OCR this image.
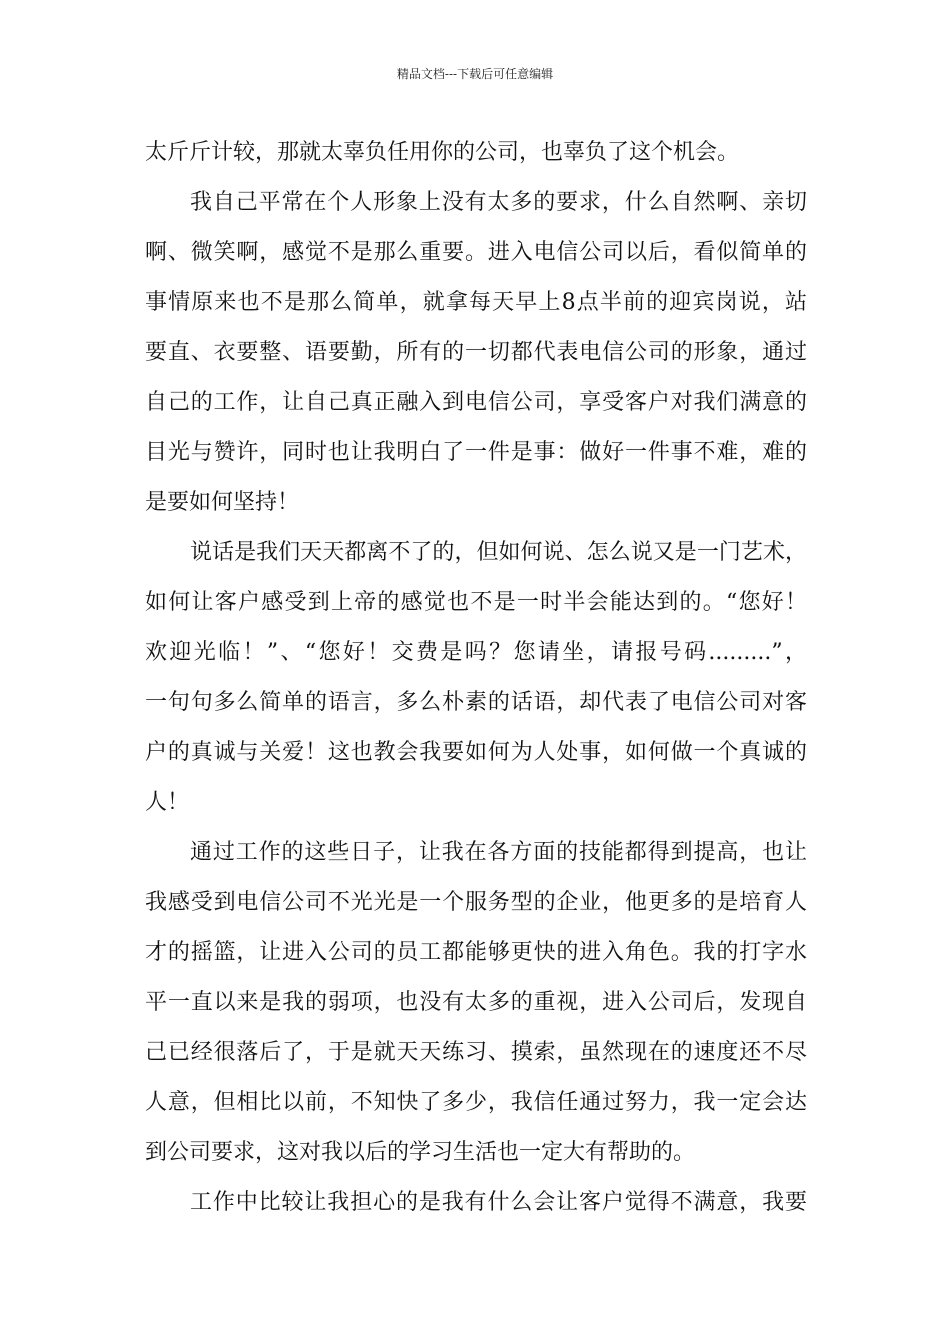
精品文档---下载后可任意编辑
太斤斤计较，那就太辜负任用你的公司，也辜负了这个机会。
我自己平常在个人形象上没有太多的要求，什么自然啊、亲切
啊、微笑啊，感觉不是那么重要。进入电信公司以后，看似简单的
事情原来也不是那么简单，就拿每天早上8点半前的迎宾岗说，站
要直、衣要整、语要勤，所有的一切都代表电信公司的形象，通过
自己的工作，让自己真正融入到电信公司，享受客户对我们满意的
目光与赞许，同时也让我明白了一件是事：做好一件事不难，难的
是要如何坚持！
说话是我们天天都离不了的，但如何说、怎么说又是一门艺术，
如何让客户感受到上帝的感觉也不是一时半会能达到的。“您好！
欢迎光临！”、“您好！交费是吗？您请坐，请报号码.........”，
一句句多么简单的语言，多么朴素的话语，却代表了电信公司对客
户的真诚与关爱！这也教会我要如何为人处事，如何做一个真诚的
人！
通过工作的这些日子，让我在各方面的技能都得到提高，也让
我感受到电信公司不光光是一个服务型的企业，他更多的是培育人
才的摇篮，让进入公司的员工都能够更快的进入角色。我的打字水
平一直以来是我的弱项，也没有太多的重视，进入公司后，发现自
己已经很落后了，于是就天天练习、摸索，虽然现在的速度还不尽
人意，但相比以前，不知快了多少，我信任通过努力，我一定会达
到公司要求，这对我以后的学习生活也一定大有帮助的。
工作中比较让我担心的是我有什么会让客户觉得不满意，我要
